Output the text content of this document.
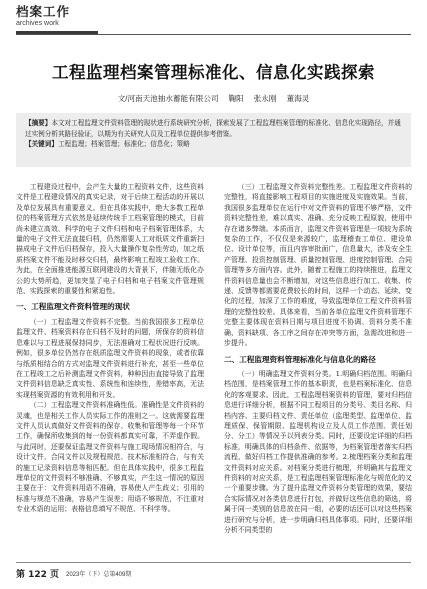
档案工作
archives work
工程监理档案管理标准化、信息化实践探索
文/河南天池抽水蓄能有限公司 鞠阳 张永刚 董海灵
【摘要】本文对工程监理文件资料管理的现状进行系统研究分析，探索发展了工程监理档案管理的标准化、信息化实现路径，并通过实例分析其路径验证，以期为有关研究人员及工程单位提供参考借鉴。
【关键词】工程监理；档案管理；标准化；信息化；策略

工程建设过程中，会产生大量的工程资料文件，这些资料文件是工程建设情况的真实记录，对于后续工程活动的开展以及单位发展具有重要意义。但在具体实践中，绝大多数工程单位的档案管理方式依然是延续传统手工档案管理的模式，目前尚未建立高效、科学的电子文件归档和电子档案管理体系，大量的电子文件无法直接归档，仍然需要人工对纸质文件重新扫描成电子文件后归档保存，投入大量操作复杂性劳动，加之纸质档案文件不能及时移交归档，最终影响工程竣工验收工作。为此，在全面推进能源互联网建设的大背景下，伴随无纸化办公的大势所趋，更加突显了电子归档和电子档案文件管理规范、实践探索的重要性和紧迫性。

一、工程监理文件资料管理的现状

（一）工程监理文件资料不完整。当前我国很多工程单位监理文件、档案资料存在归档不及时的问题，所保存的资料信息难以与工程进展保持同步，无法准确对工程状况进行反映。例如，很多单位仍然存在纸质监理文件资料的现象，或者依靠与纸质相结合的方式对监理文件资料进行补充，甚至一些单位在工程竣工之后补测监理文件资料，种种因由直接导致了监理文件资料信息缺乏真实性、系统性和连续性，差错率高，无法实现档案资源的有效利用和开发。

（二）工程监理文件资料准确性低。准确性是文件资料的灵魂，也是相关工作人员实际工作的准则之一。这就需要监理文件人员认真做好文件资料的保存、收集和管理等每一个环节工作，确保所收集到的每一份资料都真实可靠，不弄虚作假。与此同时，还要保证监理文件资料与施工现场情况相符合，与设计文件、合同文件以及规程规范、技术标准相符合，与有关的施工记录资料信息等相匹配。但在具体实践中，很多工程监理单位的文件资料不够准确、不够真实，产生这一情况的原因主要在于：文件资料用语不准确，容易使人产生歧义；引用的标准与规范不准确，容易产生误差；用语不够规范，不注重对专业术语的运用；表格信息填写不规范、不科学等。

（三）工程监理文件资料完整性差。工程监理文件资料的完整性，将直接影响工程项目的实施进度及实施效果。当前，我国很多监理单位在运行中对文件资料的管理不够严格，文件资料完整性差，难以真实、准确、充分反映工程原貌，使用中存在诸多弊端。本质而言，监理文件资料管理是一项较为系统复杂的工作，不仅仅是来源较广，监理稽查工单位、建设单位、设计单位等，而且内容审批面广，信息量大，涉及安全生产管理、投资控制管理、质量控制管理、进度控制管理、合同管理等多方面内容。此外，随着工程施工的持续推进，监理文件资料信息量也会不断增加，对这些信息进行加工、收集、传递、反馈等都需要花费较长的时间，这样一个动态、延续、变化的过程，加深了工作的难度，导致监理单位工程文件资料管理的完整性较差。具体来看，当前各单位监理文件资料管理不完整主要体现在资料日期与项目进度不协调、资料分类不准确、资料缺项、各工序之间存在冲突等方面，急需改进和进一步提升。

二、工程监理资料管理标准化与信息化的路径

（一）明确监理文件资料分类。1.明确归档范围。明确归档范围，是档案管理工作的基本职责，也是档案标准化、信息化的客观要求。因此，工程监理档案资料的管理，要对归档信息进行详细分析，根据不同工程项目的分类号、类目名称、归档内容、主要归档文件、责任单位（监理类型、监理单位、监理质保、保管期限、监理机构设立及人员工作范围、责任划分、分工）等情况予以列表分类。同时，还要设定详细的归档标准，明确具体的归档条件、依据等，为档案管理者落实归档流程、做好归档工作提供准确的参考。2.梳理档案分类和监理文件资料对应关系。对档案分类进行梳理，并明确其与监理文件资料的对应关系，是工程监理档案管理标准化与规范化的又一个重要步骤。为了提升监理文件资料分类管理的效果，要结合实际情况对各类信息进行打包，并做好这些信息的筛选，将属于同一类别的信息放在同一组，必要的话还可以对这些档案进行研究与分析，进一步明确归档具体事项。同时，还要详细分析不同类型的

第 122 页 2023年（下）总第409期
